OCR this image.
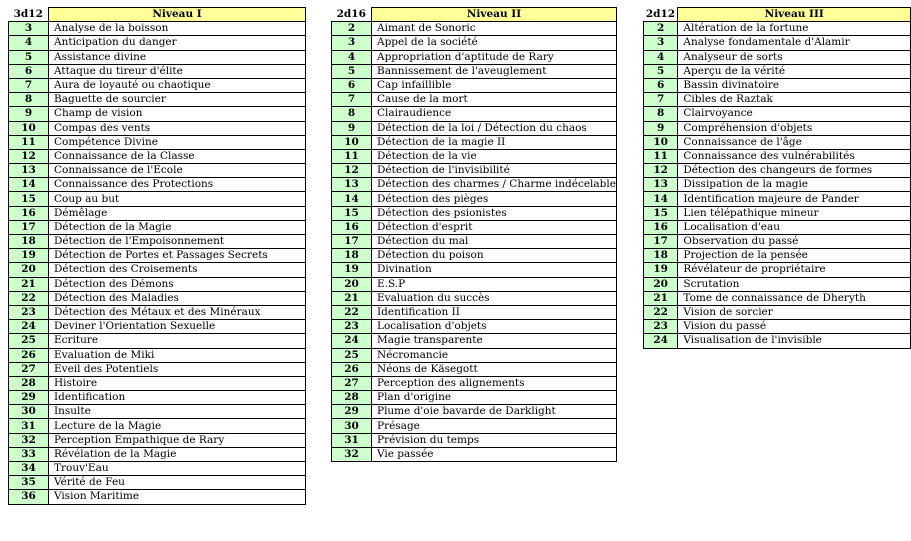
3d12	Niveau I
3	Analyse de la boisson
4	Anticipation du danger
5	Assistance divine
6	Attaque du tireur d'élite
7	Aura de loyauté ou chaotique
8	Baguette de sourcier
9	Champ de vision
10	Compas des vents
11	Compétence Divine
12	Connaissance de la Classe
13	Connaissance de l'Ecole
14	Connaissance des Protections
15	Coup au but
16	Démêlage
17	Détection de la Magie
18	Détection de l'Empoisonnement
19	Détection de Portes et Passages Secrets
20	Détection des Croisements
21	Détection des Démons
22	Détection des Maladies
23	Détection des Métaux et des Minéraux
24	Deviner l'Orientation Sexuelle
25	Ecriture
26	Evaluation de Miki
27	Eveil des Potentiels
28	Histoire
29	Identification
30	Insulte
31	Lecture de la Magie
32	Perception Empathique de Rary
33	Révélation de la Magie
34	Trouv'Eau
35	Vérité de Feu
36	Vision Maritime
2d16	Niveau II
2	Aimant de Sonoric
3	Appel de la société
4	Appropriation d'aptitude de Rary
5	Bannissement de l'aveuglement
6	Cap infaillible
7	Cause de la mort
8	Clairaudience
9	Détection de la loi / Détection du chaos
10	Détection de la magie II
11	Détection de la vie
12	Détection de l'invisibilité
13	Détection des charmes / Charme indécelable
14	Détection des pièges
15	Détection des psionistes
16	Détection d'esprit
17	Détection du mal
18	Détection du poison
19	Divination
20	E.S.P
21	Evaluation du succès
22	Identification II
23	Localisation d'objets
24	Magie transparente
25	Nécromancie
26	Néons de Käsegott
27	Perception des alignements
28	Plan d'origine
29	Plume d'oie bavarde de Darklight
30	Présage
31	Prévision du temps
32	Vie passée
2d12	Niveau III
2	Altération de la fortune
3	Analyse fondamentale d'Alamir
4	Analyseur de sorts
5	Aperçu de la vérité
6	Bassin divinatoire
7	Cibles de Raztak
8	Clairvoyance
9	Compréhension d'objets
10	Connaissance de l'âge
11	Connaissance des vulnérabilités
12	Détection des changeurs de formes
13	Dissipation de la magie
14	Identification majeure de Pander
15	Lien télépathique mineur
16	Localisation d'eau
17	Observation du passé
18	Projection de la pensée
19	Révélateur de propriétaire
20	Scrutation
21	Tome de connaissance de Dheryth
22	Vision de sorcier
23	Vision du passé
24	Visualisation de l'invisible
